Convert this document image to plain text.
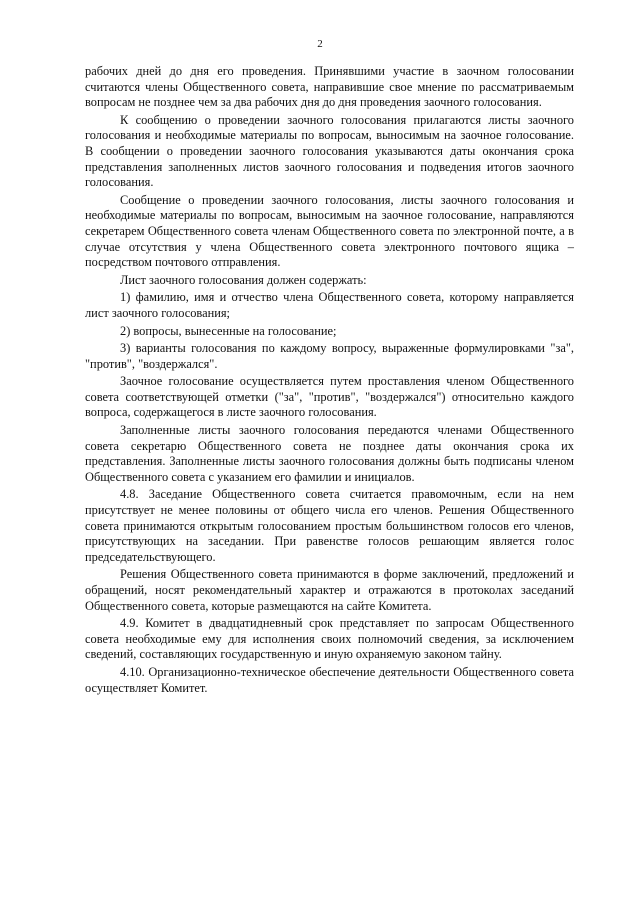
2

рабочих дней до дня его проведения. Принявшими участие в заочном голосовании считаются члены Общественного совета, направившие свое мнение по рассматриваемым вопросам не позднее чем за два рабочих дня до дня проведения заочного голосования.

К сообщению о проведении заочного голосования прилагаются листы заочного голосования и необходимые материалы по вопросам, выносимым на заочное голосование. В сообщении о проведении заочного голосования указываются даты окончания срока представления заполненных листов заочного голосования и подведения итогов заочного голосования.

Сообщение о проведении заочного голосования, листы заочного голосования и необходимые материалы по вопросам, выносимым на заочное голосование, направляются секретарем Общественного совета членам Общественного совета по электронной почте, а в случае отсутствия у члена Общественного совета электронного почтового ящика – посредством почтового отправления.

Лист заочного голосования должен содержать:

1) фамилию, имя и отчество члена Общественного совета, которому направляется лист заочного голосования;

2) вопросы, вынесенные на голосование;

3) варианты голосования по каждому вопросу, выраженные формулировками "за", "против", "воздержался".

Заочное голосование осуществляется путем проставления членом Общественного совета соответствующей отметки ("за", "против", "воздержался") относительно каждого вопроса, содержащегося в листе заочного голосования.

Заполненные листы заочного голосования передаются членами Общественного совета секретарю Общественного совета не позднее даты окончания срока их представления. Заполненные листы заочного голосования должны быть подписаны членом Общественного совета с указанием его фамилии и инициалов.

4.8. Заседание Общественного совета считается правомочным, если на нем присутствует не менее половины от общего числа его членов. Решения Общественного совета принимаются открытым голосованием простым большинством голосов его членов, присутствующих на заседании. При равенстве голосов решающим является голос председательствующего.

Решения Общественного совета принимаются в форме заключений, предложений и обращений, носят рекомендательный характер и отражаются в протоколах заседаний Общественного совета, которые размещаются на сайте Комитета.

4.9. Комитет в двадцатидневный срок представляет по запросам Общественного совета необходимые ему для исполнения своих полномочий сведения, за исключением сведений, составляющих государственную и иную охраняемую законом тайну.

4.10. Организационно-техническое обеспечение деятельности Общественного совета осуществляет Комитет.
